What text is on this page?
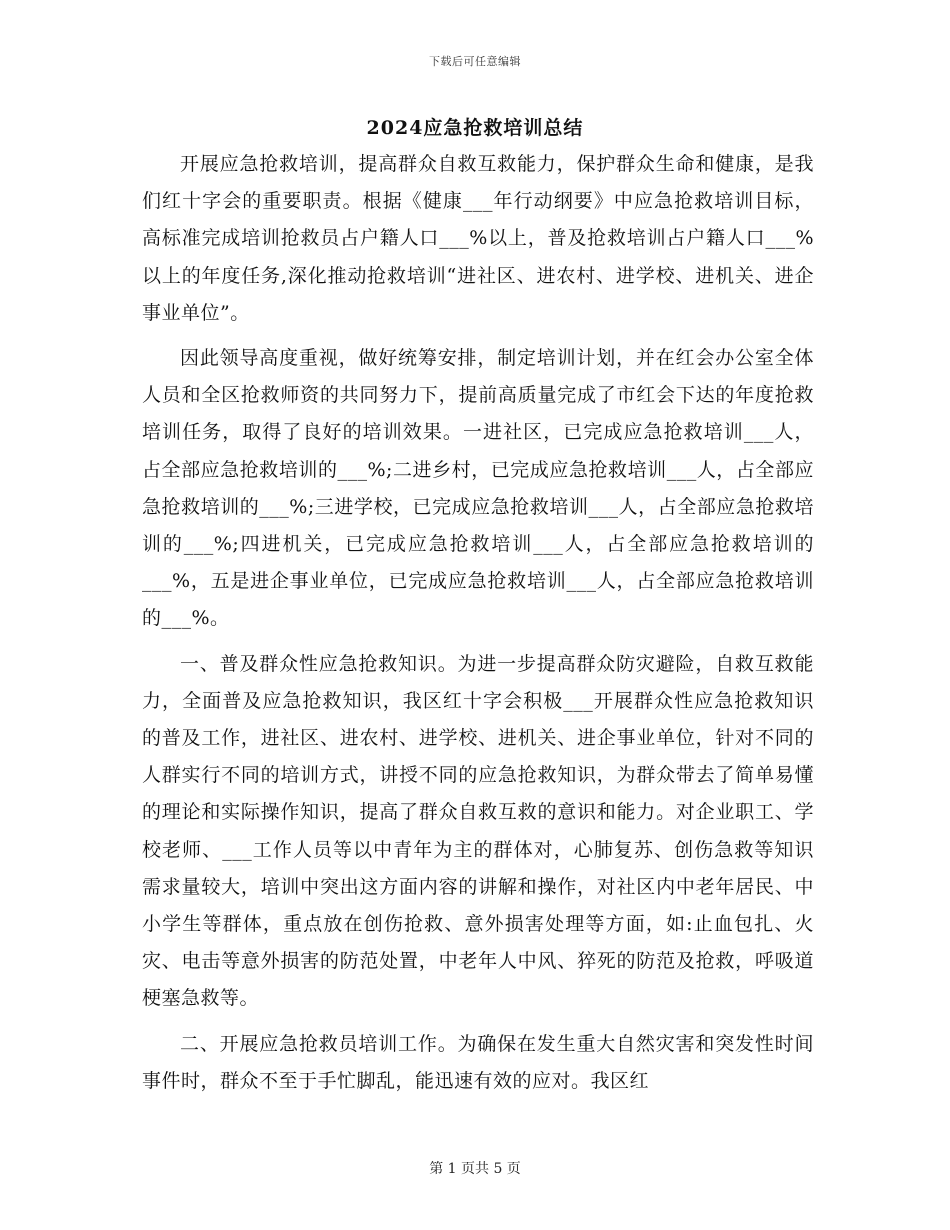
下载后可任意编辑
2024应急抢救培训总结

开展应急抢救培训，提高群众自救互救能力，保护群众生命和健康，是我们红十字会的重要职责。根据《健康___年行动纲要》中应急抢救培训目标，高标准完成培训抢救员占户籍人口___%以上，普及抢救培训占户籍人口___%以上的年度任务,深化推动抢救培训“进社区、进农村、进学校、进机关、进企事业单位”。

因此领导高度重视，做好统筹安排，制定培训计划，并在红会办公室全体人员和全区抢救师资的共同努力下，提前高质量完成了市红会下达的年度抢救培训任务，取得了良好的培训效果。一进社区，已完成应急抢救培训___人，占全部应急抢救培训的___%;二进乡村，已完成应急抢救培训___人，占全部应急抢救培训的___%;三进学校，已完成应急抢救培训___人，占全部应急抢救培训的___%;四进机关，已完成应急抢救培训___人，占全部应急抢救培训的___%，五是进企事业单位，已完成应急抢救培训___人，占全部应急抢救培训的___%。

一、普及群众性应急抢救知识。为进一步提高群众防灾避险，自救互救能力，全面普及应急抢救知识，我区红十字会积极___开展群众性应急抢救知识的普及工作，进社区、进农村、进学校、进机关、进企事业单位，针对不同的人群实行不同的培训方式，讲授不同的应急抢救知识，为群众带去了简单易懂的理论和实际操作知识，提高了群众自救互救的意识和能力。对企业职工、学校老师、___工作人员等以中青年为主的群体对，心肺复苏、创伤急救等知识需求量较大，培训中突出这方面内容的讲解和操作，对社区内中老年居民、中小学生等群体，重点放在创伤抢救、意外损害处理等方面，如:止血包扎、火灾、电击等意外损害的防范处置，中老年人中风、猝死的防范及抢救，呼吸道梗塞急救等。

二、开展应急抢救员培训工作。为确保在发生重大自然灾害和突发性时间事件时，群众不至于手忙脚乱，能迅速有效的应对。我区红

第 1 页共 5 页
